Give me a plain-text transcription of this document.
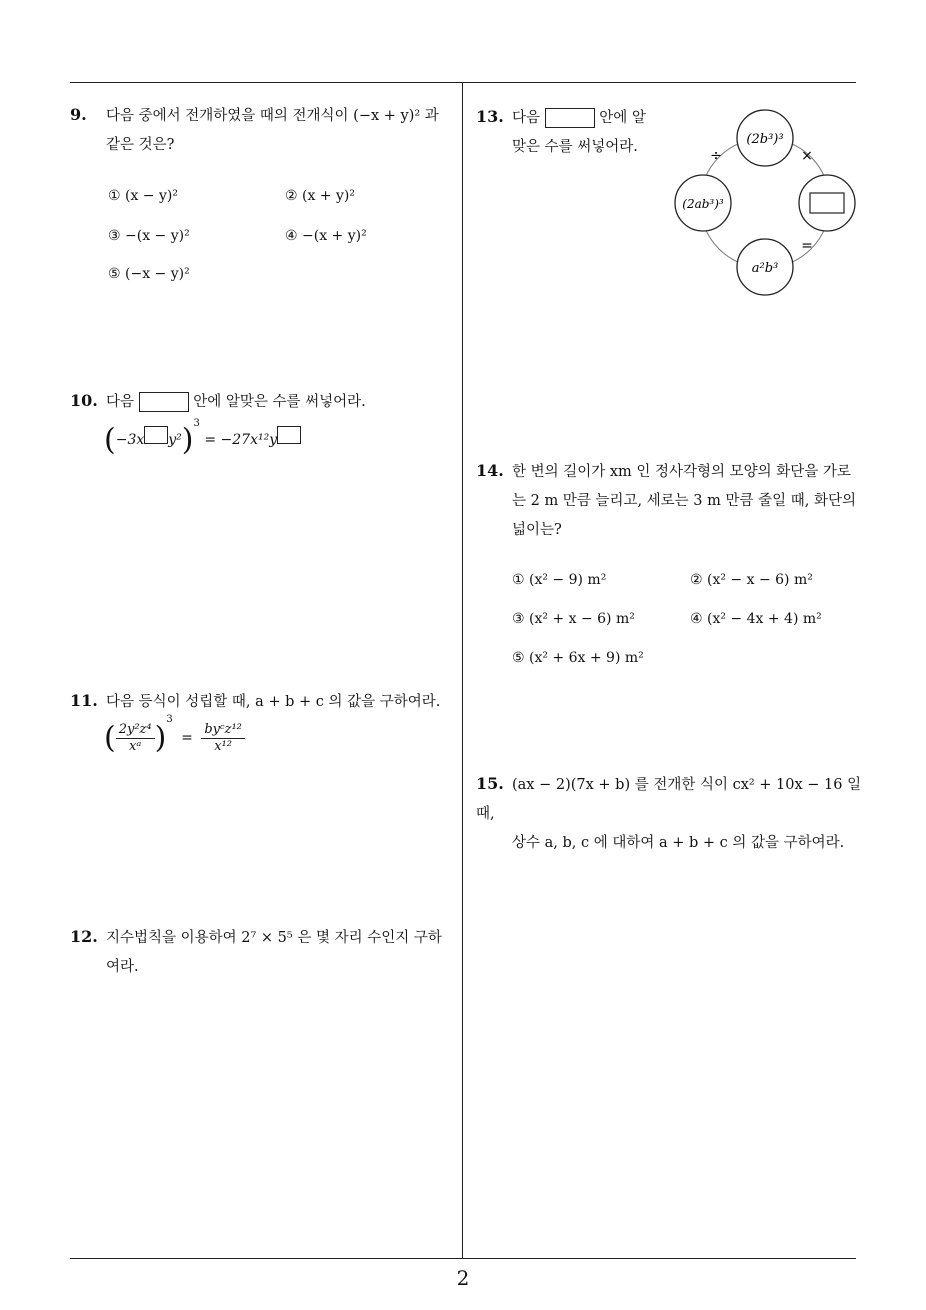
9. 다음 중에서 전개하였을 때의 전개식이 (−x + y)² 과
같은 것은?
① (x − y)²	② (x + y)²
③ −(x − y)²	④ −(x + y)²
⑤ (−x − y)²
10. 다음	안에 알맞은 수를 써넣어라.
(−3x y²)$^3$ = −27x¹²y
11. 다음 등식이 성립할 때, a + b + c 의 값을 구하여라.
( $\frac{\text{2y²z⁴}}{\text{xᵃ}} )^3 = \frac{\text{byᶜz¹²}}{\text{x¹²}}$
12. 지수법칙을 이용하여 2⁷ × 5⁵ 은 몇 자리 수인지 구하
여라.
13. 다음	안에 알
맞은 수를 써넣어라.	(2b³)³
(2ab³)³
a²b³
÷	×
=
14. 한 변의 길이가 xm 인 정사각형의 모양의 화단을 가로
는 2 m 만큼 늘리고, 세로는 3 m 만큼 줄일 때, 화단의
넓이는?
① (x² − 9) m²	② (x² − x − 6) m²
③ (x² + x − 6) m²	④ (x² − 4x + 4) m²
⑤ (x² + 6x + 9) m²
15. (ax − 2)(7x + b) 를 전개한 식이 cx² + 10x − 16 일 때,
상수 a, b, c 에 대하여 a + b + c 의 값을 구하여라.
2
